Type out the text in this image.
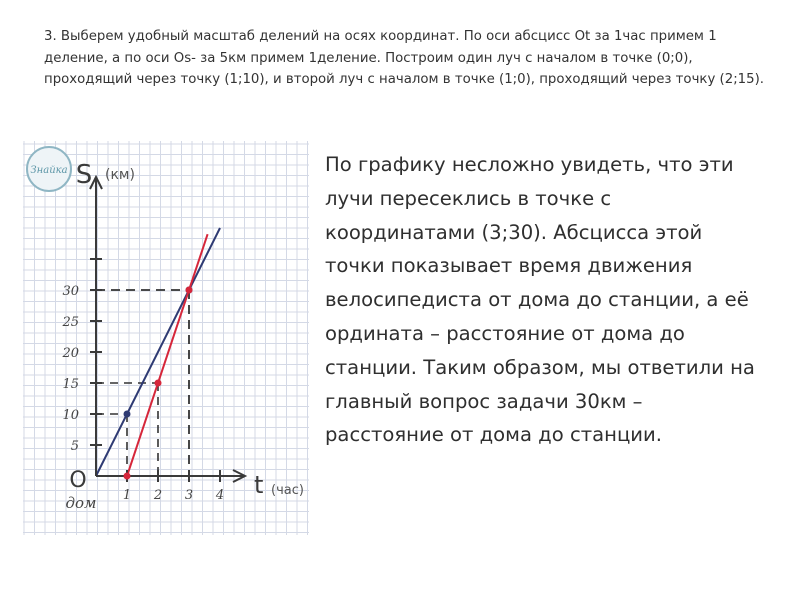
3. Выберем удобный масштаб делений на осях координат. По оси абсцисс Ot за 1час примем 1 деление, а по оси Os- за 5км примем 1деление. Построим один луч с началом в точке (0;0), проходящий через точку (1;10), и второй луч с началом в точке (1;0), проходящий через точку (2;15).

Знайка
1 2 3 4
5
10
15
20
25
30
S (км)
t (час)
O
дом

По графику несложно увидеть, что эти лучи пересеклись в точке с координатами (3;30). Абсцисса этой точки показывает время движения велосипедиста от дома до станции, а её ордината – расстояние от дома до станции. Таким образом, мы ответили на главный вопрос задачи 30км – расстояние от дома до станции.
